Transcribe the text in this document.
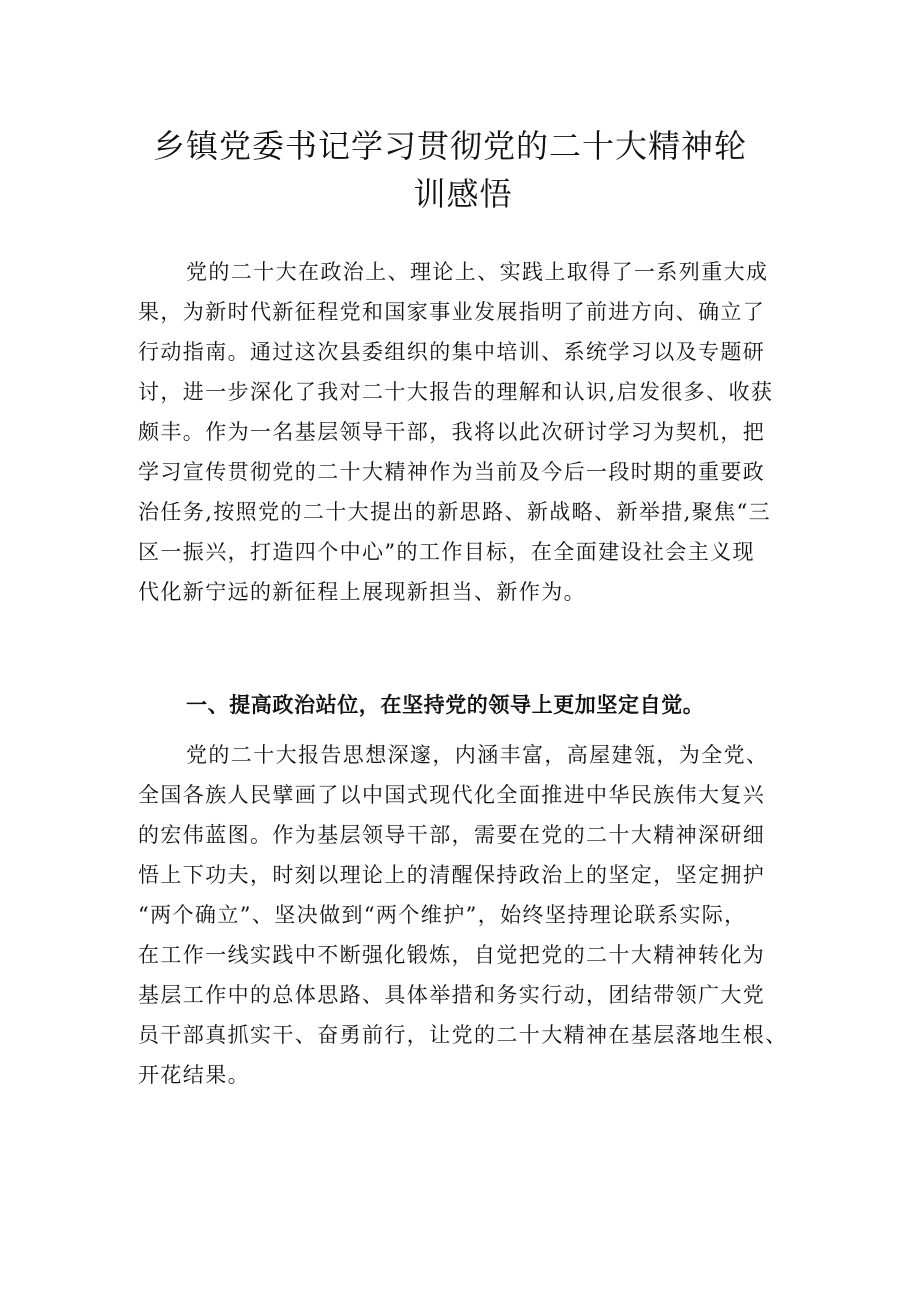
乡镇党委书记学习贯彻党的二十大精神轮
训感悟
党的二十大在政治上、理论上、实践上取得了一系列重大成
果，为新时代新征程党和国家事业发展指明了前进方向、确立了
行动指南。通过这次县委组织的集中培训、系统学习以及专题研
讨，进一步深化了我对二十大报告的理解和认识,启发很多、收获
颇丰。作为一名基层领导干部，我将以此次研讨学习为契机，把
学习宣传贯彻党的二十大精神作为当前及今后一段时期的重要政
治任务,按照党的二十大提出的新思路、新战略、新举措,聚焦“三
区一振兴，打造四个中心”的工作目标，在全面建设社会主义现
代化新宁远的新征程上展现新担当、新作为。
一、提高政治站位，在坚持党的领导上更加坚定自觉。
党的二十大报告思想深邃，内涵丰富，高屋建瓴，为全党、
全国各族人民擘画了以中国式现代化全面推进中华民族伟大复兴
的宏伟蓝图。作为基层领导干部，需要在党的二十大精神深研细
悟上下功夫，时刻以理论上的清醒保持政治上的坚定，坚定拥护
“两个确立”、坚决做到“两个维护”，始终坚持理论联系实际，
在工作一线实践中不断强化锻炼，自觉把党的二十大精神转化为
基层工作中的总体思路、具体举措和务实行动，团结带领广大党
员干部真抓实干、奋勇前行，让党的二十大精神在基层落地生根、
开花结果。
